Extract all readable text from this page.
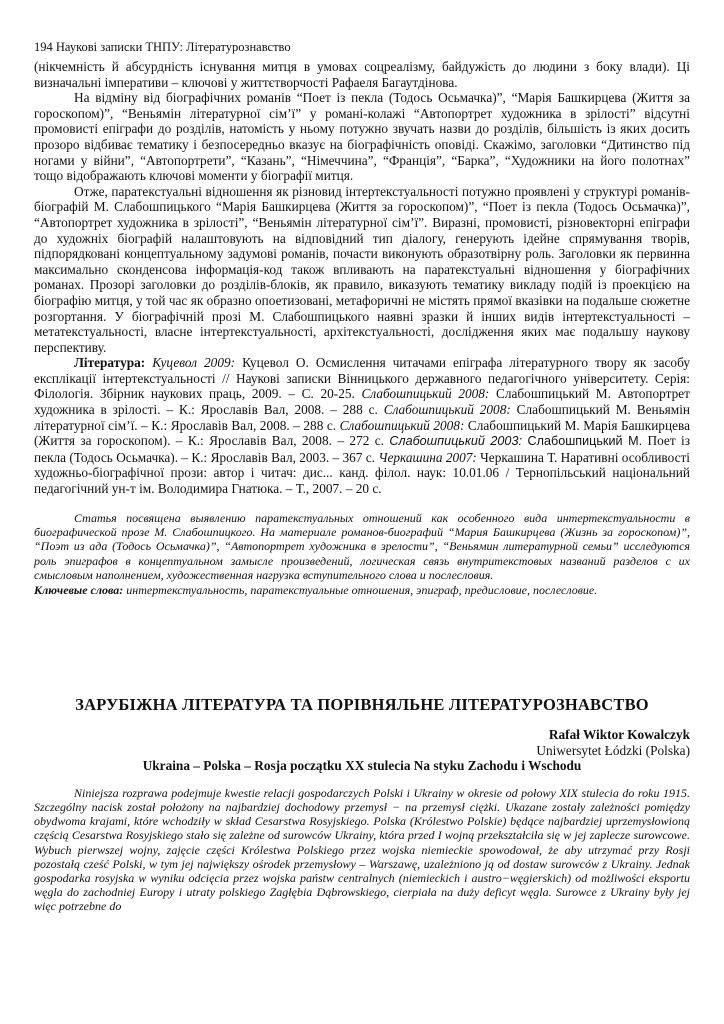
194 Наукові записки ТНПУ: Літературознавство

(нікчемність й абсурдність існування митця в умовах соцреалізму, байдужість до людини з боку влади). Ці визначальні імперативи – ключові у життєтворчості Рафаеля Багаутдінова.

На відміну від біографічних романів “Поет із пекла (Тодось Осьмачка)”, “Марія Башкирцева (Життя за гороскопом)”, “Веньямін літературної сім’ї” у романі-колажі “Автопортрет художника в зрілості” відсутні промовисті епіграфи до розділів, натомість у ньому потужно звучать назви до розділів, більшість із яких досить прозоро відбиває тематику і безпосередньо вказує на біографічність оповіді. Скажімо, заголовки “Дитинство під ногами у війни”, “Автопортрети”, “Казань”, “Німеччина”, “Франція”, “Барка”, “Художники на його полотнах” тощо відображають ключові моменти у біографії митця.

Отже, паратекстуальні відношення як різновид інтертекстуальності потужно проявлені у структурі романів-біографій М. Слабошпицького “Марія Башкирцева (Життя за гороскопом)”, “Поет із пекла (Тодось Осьмачка)”, “Автопортрет художника в зрілості”, “Веньямін літературної сім’ї”. Виразні, промовисті, різновекторні епіграфи до художніх біографій налаштовують на відповідний тип діалогу, генерують ідейне спрямування творів, підпорядковані концептуальному задумові романів, почасти виконують образотвірну роль. Заголовки як первинна максимально сконденсова інформація-код також впливають на паратекстуальні відношення у біографічних романах. Прозорі заголовки до розділів-блоків, як правило, виказують тематику викладу подій із проекцією на біографію митця, у той час як образно опоетизовані, метафоричні не містять прямої вказівки на подальше сюжетне розгортання. У біографічній прозі М. Слабошпицького наявні зразки й інших видів інтертекстуальності – метатекстуальності, власне інтертекстуальності, архітекстуальності, дослідження яких має подальшу наукову перспективу.

Література: Куцевол 2009: Куцевол О. Осмислення читачами епіграфа літературного твору як засобу експлікації інтертекстуальності // Наукові записки Вінницького державного педагогічного університету. Серія: Філологія. Збірник наукових праць, 2009. – С. 20-25. Слабошпицький 2008: Слабошпицький М. Автопортрет художника в зрілості. – К.: Ярославів Вал, 2008. – 288 с. Слабошпицький 2008: Слабошпицький М. Веньямін літературної сім’ї. – К.: Ярославів Вал, 2008. – 288 с. Слабошпицький 2008: Слабошпицький М. Марія Башкирцева (Життя за гороскопом). – К.: Ярославів Вал, 2008. – 272 с. Слабошпицький 2003: Слабошпицький М. Поет із пекла (Тодось Осьмачка). – К.: Ярославів Вал, 2003. – 367 с. Черкашина 2007: Черкашина Т. Наративні особливості художньо-біографічної прози: автор і читач: дис... канд. філол. наук: 10.01.06 / Тернопільський національний педагогічний ун-т ім. Володимира Гнатюка. – Т., 2007. – 20 с.

Статья посвящена выявлению паратекстуальных отношений как особенного вида интертекстуальности в биографической прозе М. Слабошпицкого. На материале романов-биографий “Мария Башкирцева (Жизнь за гороскопом)”, “Поэт из ада (Тодось Осьмачка)”, “Автопортрет художника в зрелости”, “Веньямин литературной семьи” исследуются роль эпиграфов в концептуальном замысле произведений, логическая связь внутритекстовых названий разделов с их смысловым наполнением, художественная нагрузка вступительного слова и послесловия.
Ключевые слова: интертекстуальность, паратекстуальные отношения, эпиграф, предисловие, послесловие.
ЗАРУБІЖНА ЛІТЕРАТУРА ТА ПОРІВНЯЛЬНЕ ЛІТЕРАТУРОЗНАВСТВО
Rafał Wiktor Kowalczyk
Uniwersytet Łódzki (Polska)
Ukraina – Polska – Rosja początku XX stulecia Na styku Zachodu i Wschodu
Niniejsza rozprawa podejmuje kwestie relacji gospodarczych Polski i Ukrainy w okresie od połowy XIX stulecia do roku 1915. Szczególny nacisk został położony na najbardziej dochodowy przemysł − na przemysł ciężki. Ukazane zostały zależności pomiędzy obydwoma krajami, które wchodziły w skład Cesarstwa Rosyjskiego. Polska (Królestwo Polskie) będące najbardziej uprzemysłowioną częścią Cesarstwa Rosyjskiego stało się zależne od surowców Ukrainy, która przed I wojną przekształciła się w jej zaplecze surowcowe. Wybuch pierwszej wojny, zajęcie części Królestwa Polskiego przez wojska niemieckie spowodował, że aby utrzymać przy Rosji pozostałą cześć Polski, w tym jej największy ośrodek przemysłowy – Warszawę, uzależniono ją od dostaw surowców z Ukrainy. Jednak gospodarka rosyjska w wyniku odcięcia przez wojska państw centralnych (niemieckich i austro−węgierskich) od możliwości eksportu węgla do zachodniej Europy i utraty polskiego Zagłębia Dąbrowskiego, cierpiała na duży deficyt węgla. Surowce z Ukrainy były jej więc potrzebne do
